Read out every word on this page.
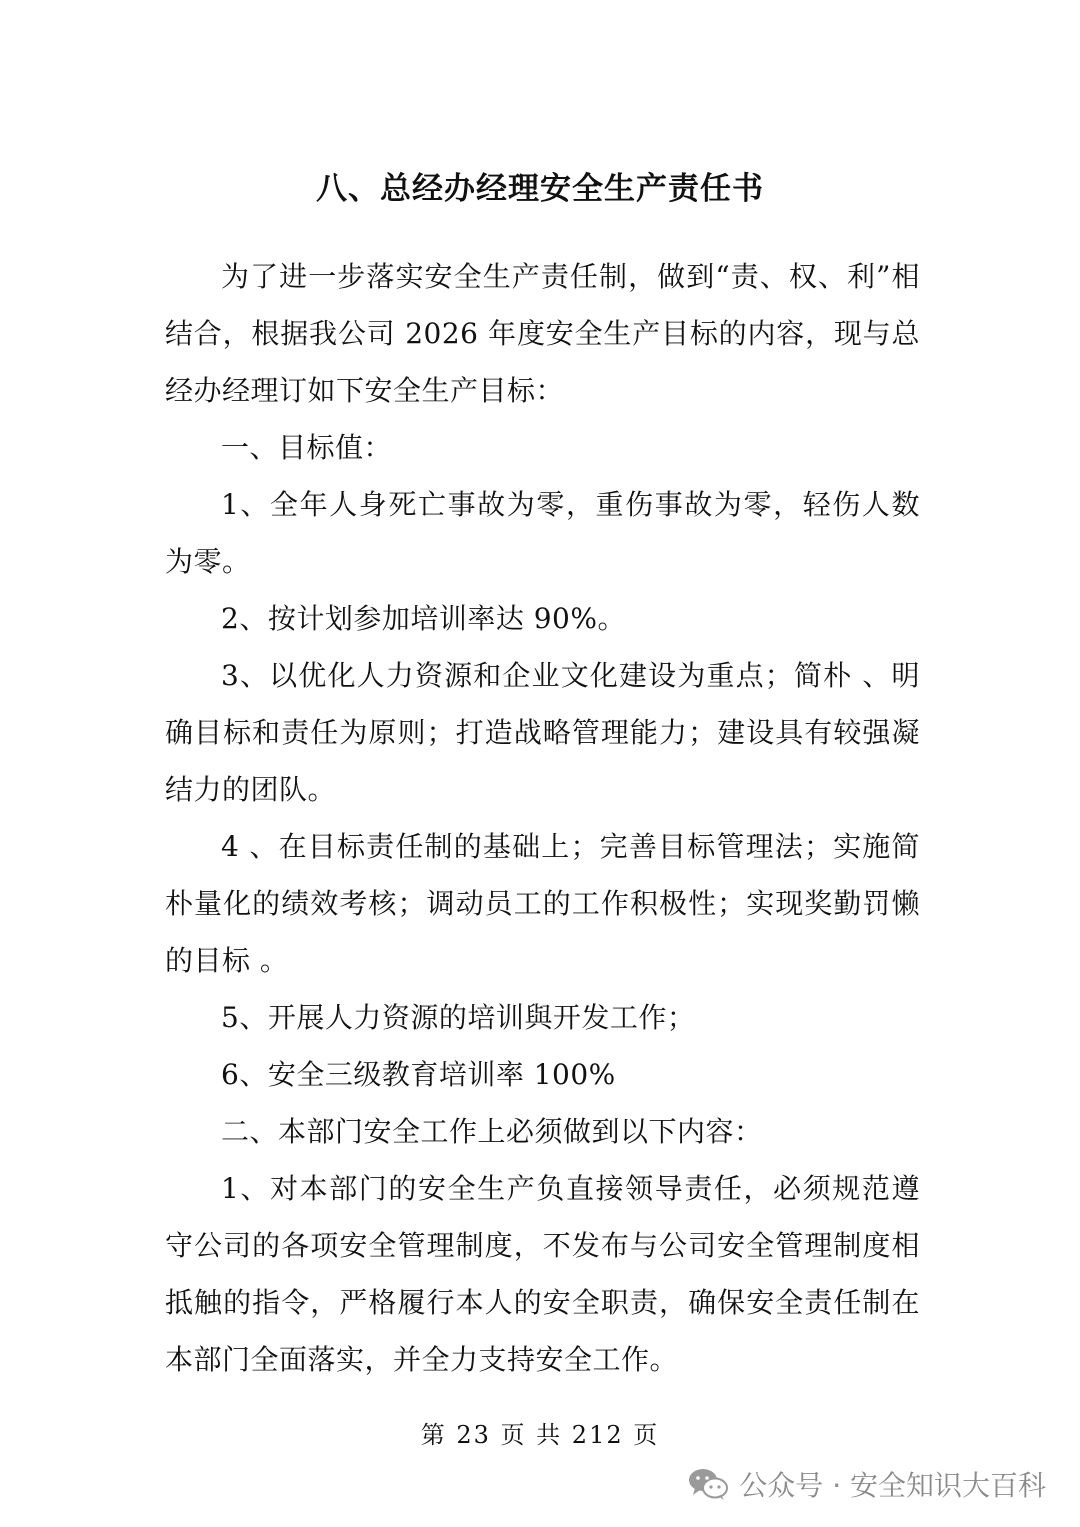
八、总经办经理安全生产责任书

为了进一步落实安全生产责任制，做到“责、权、利”相结合，根据我公司 2026 年度安全生产目标的内容，现与总经办经理订如下安全生产目标：

一、目标值：

1、全年人身死亡事故为零，重伤事故为零，轻伤人数为零。

2、按计划参加培训率达 90%。

3、以优化人力资源和企业文化建设为重点；简朴 、明确目标和责任为原则；打造战略管理能力；建设具有较强凝结力的团队。

4 、在目标责任制的基础上；完善目标管理法；实施简朴量化的绩效考核；调动员工的工作积极性；实现奖勤罚懒的目标 。

5、开展人力资源的培训與开发工作；

6、安全三级教育培训率 100%

二、本部门安全工作上必须做到以下内容：

1、对本部门的安全生产负直接领导责任，必须规范遵守公司的各项安全管理制度，不发布与公司安全管理制度相抵触的指令，严格履行本人的安全职责，确保安全责任制在本部门全面落实，并全力支持安全工作。

第 23 页 共 212 页
公众号 · 安全知识大百科
